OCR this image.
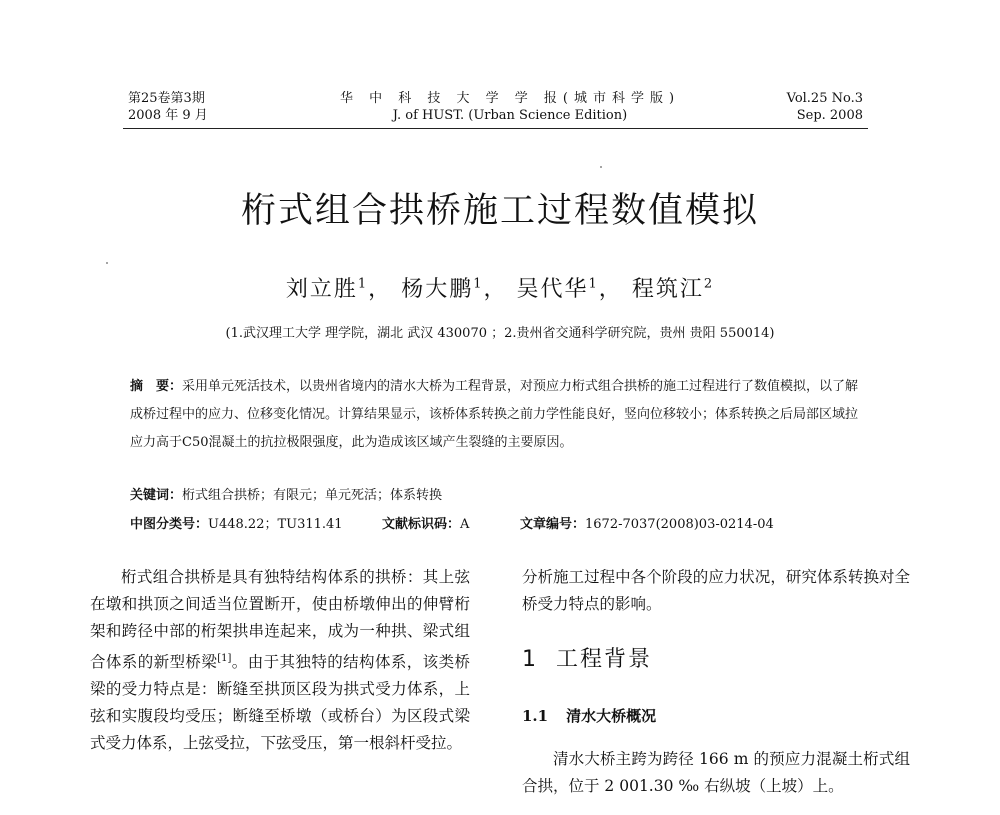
第25卷第3期
2008 年 9 月
华 中 科 技 大 学 学 报(城市科学版)
J. of HUST. (Urban Science Edition)
Vol.25 No.3
Sep. 2008
桁式组合拱桥施工过程数值模拟
刘立胜$^1$， 杨大鹏$^1$， 吴代华$^1$， 程筑江$^2$
(1.武汉理工大学 理学院，湖北 武汉 430070 ；2.贵州省交通科学研究院，贵州 贵阳 550014)

摘　要：采用单元死活技术，以贵州省境内的清水大桥为工程背景，对预应力桁式组合拱桥的施工过程进行了数值模拟，以了解成桥过程中的应力、位移变化情况。计算结果显示，该桥体系转换之前力学性能良好，竖向位移较小；体系转换之后局部区域拉应力高于C50混凝土的抗拉极限强度，此为造成该区域产生裂缝的主要原因。

关键词：桁式组合拱桥；有限元；单元死活；体系转换
中图分类号：U448.22；TU311.41	文献标识码：A	文章编号：1672-7037(2008)03-0214-04

桁式组合拱桥是具有独特结构体系的拱桥：其上弦在墩和拱顶之间适当位置断开，使由桥墩伸出的伸臂桁架和跨径中部的桁架拱串连起来，成为一种拱、梁式组合体系的新型桥梁[1]。由于其独特的结构体系，该类桥梁的受力特点是：断缝至拱顶区段为拱式受力体系，上弦和实腹段均受压；断缝至桥墩（或桥台）为区段式梁式受力体系，上弦受拉，下弦受压，第一根斜杆受拉。

分析施工过程中各个阶段的应力状况，研究体系转换对全桥受力特点的影响。

1 工程背景
1.1 清水大桥概况

清水大桥主跨为跨径 166 m 的预应力混凝土桁式组合拱，位于 2 001.30 ‰ 右纵坡（上坡）上。
